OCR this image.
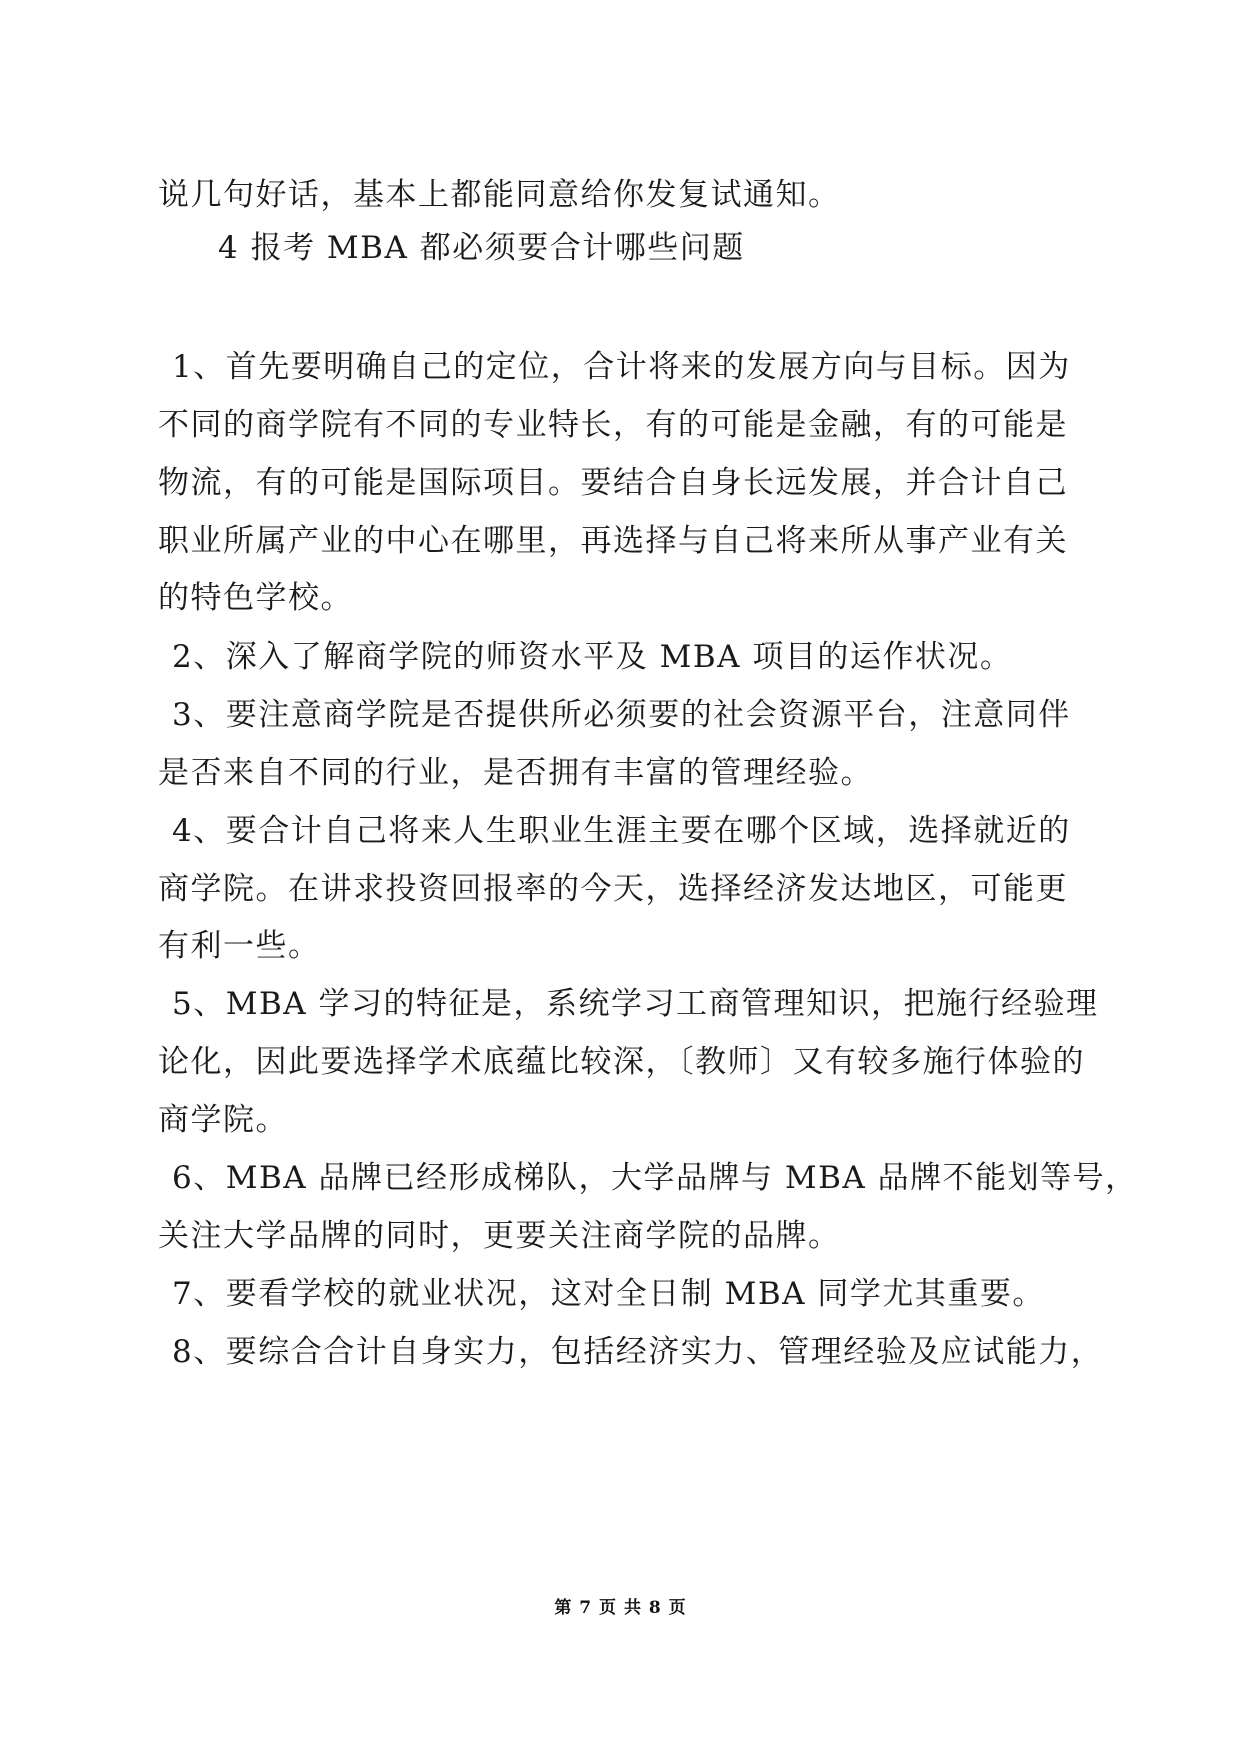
说几句好话，基本上都能同意给你发复试通知。
4 报考 MBA 都必须要合计哪些问题
1、首先要明确自己的定位，合计将来的发展方向与目标。因为
不同的商学院有不同的专业特长，有的可能是金融，有的可能是
物流，有的可能是国际项目。要结合自身长远发展，并合计自己
职业所属产业的中心在哪里，再选择与自己将来所从事产业有关
的特色学校。
2、深入了解商学院的师资水平及 MBA 项目的运作状况。
3、要注意商学院是否提供所必须要的社会资源平台，注意同伴
是否来自不同的行业，是否拥有丰富的管理经验。
4、要合计自己将来人生职业生涯主要在哪个区域，选择就近的
商学院。在讲求投资回报率的今天，选择经济发达地区，可能更
有利一些。
5、MBA 学习的特征是，系统学习工商管理知识，把施行经验理
论化，因此要选择学术底蕴比较深，〔教师〕又有较多施行体验的
商学院。
6、MBA 品牌已经形成梯队，大学品牌与 MBA 品牌不能划等号，
关注大学品牌的同时，更要关注商学院的品牌。
7、要看学校的就业状况，这对全日制 MBA 同学尤其重要。
8、要综合合计自身实力，包括经济实力、管理经验及应试能力，
第 7 页 共 8 页
